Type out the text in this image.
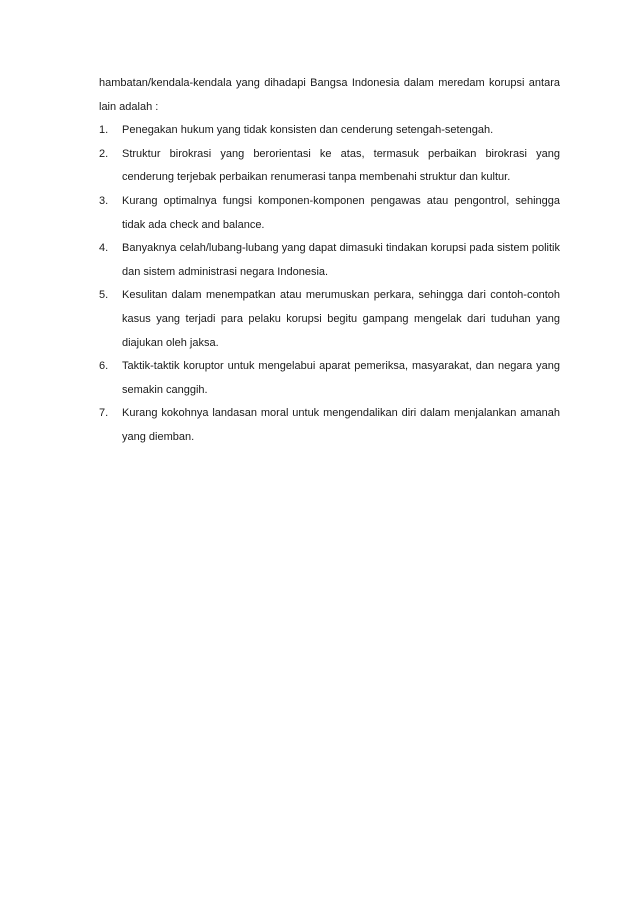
hambatan/kendala-kendala yang dihadapi Bangsa Indonesia dalam meredam korupsi antara lain adalah :

1. Penegakan hukum yang tidak konsisten dan cenderung setengah-setengah.
2. Struktur birokrasi yang berorientasi ke atas, termasuk perbaikan birokrasi yang cenderung terjebak perbaikan renumerasi tanpa membenahi struktur dan kultur.
3. Kurang optimalnya fungsi komponen-komponen pengawas atau pengontrol, sehingga tidak ada check and balance.
4. Banyaknya celah/lubang-lubang yang dapat dimasuki tindakan korupsi pada sistem politik dan sistem administrasi negara Indonesia.
5. Kesulitan dalam menempatkan atau merumuskan perkara, sehingga dari contoh-contoh kasus yang terjadi para pelaku korupsi begitu gampang mengelak dari tuduhan yang diajukan oleh jaksa.
6. Taktik-taktik koruptor untuk mengelabui aparat pemeriksa, masyarakat, dan negara yang semakin canggih.
7. Kurang kokohnya landasan moral untuk mengendalikan diri dalam menjalankan amanah yang diemban.
